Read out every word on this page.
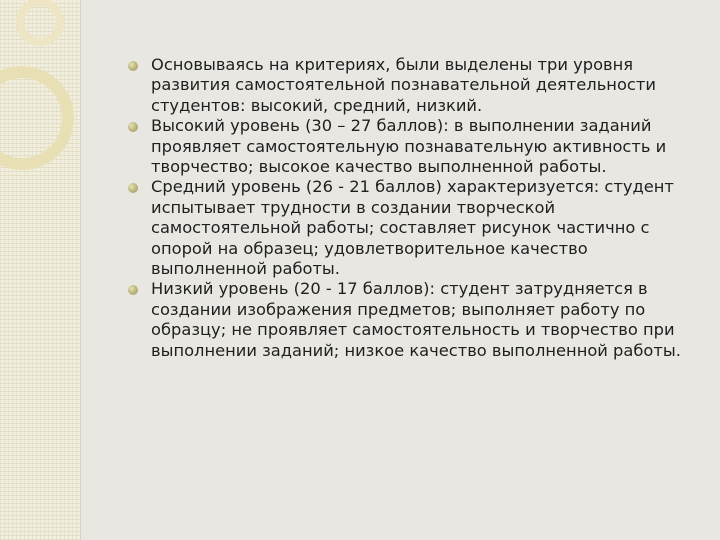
Основываясь на критериях, были выделены три уровня развития самостоятельной познавательной деятельности студентов: высокий, средний, низкий.
Высокий уровень (30 – 27 баллов): в выполнении заданий проявляет самостоятельную познавательную активность и творчество; высокое качество выполненной работы.
Средний уровень (26 - 21 баллов) характеризуется: студент испытывает трудности в создании творческой самостоятельной работы; составляет рисунок частично с опорой на образец; удовлетворительное качество выполненной работы.
Низкий уровень (20 - 17 баллов): студент затрудняется в создании изображения предметов; выполняет работу по образцу; не проявляет самостоятельность и творчество при выполнении заданий; низкое качество выполненной работы.
